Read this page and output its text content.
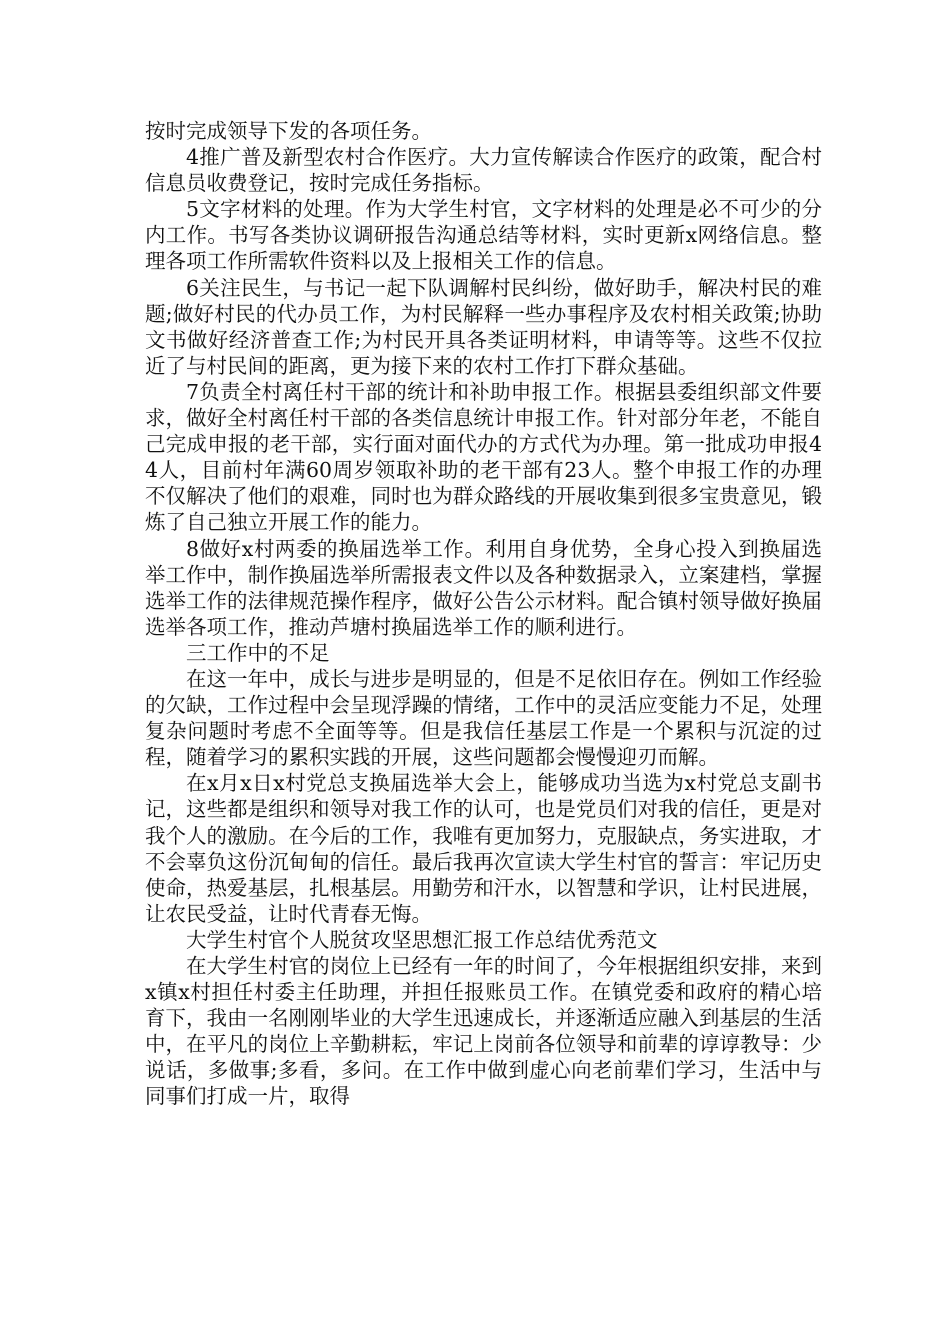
按时完成领导下发的各项任务。

4推广普及新型农村合作医疗。大力宣传解读合作医疗的政策，配合村信息员收费登记，按时完成任务指标。

5文字材料的处理。作为大学生村官，文字材料的处理是必不可少的分内工作。书写各类协议调研报告沟通总结等材料，实时更新x网络信息。整理各项工作所需软件资料以及上报相关工作的信息。

6关注民生，与书记一起下队调解村民纠纷，做好助手，解决村民的难题;做好村民的代办员工作，为村民解释一些办事程序及农村相关政策;协助文书做好经济普查工作;为村民开具各类证明材料，申请等等。这些不仅拉近了与村民间的距离，更为接下来的农村工作打下群众基础。

7负责全村离任村干部的统计和补助申报工作。根据县委组织部文件要求，做好全村离任村干部的各类信息统计申报工作。针对部分年老，不能自己完成申报的老干部，实行面对面代办的方式代为办理。第一批成功申报44人，目前村年满60周岁领取补助的老干部有23人。整个申报工作的办理不仅解决了他们的艰难，同时也为群众路线的开展收集到很多宝贵意见，锻炼了自己独立开展工作的能力。

8做好x村两委的换届选举工作。利用自身优势，全身心投入到换届选举工作中，制作换届选举所需报表文件以及各种数据录入，立案建档，掌握选举工作的法律规范操作程序，做好公告公示材料。配合镇村领导做好换届选举各项工作，推动芦塘村换届选举工作的顺利进行。

三工作中的不足

在这一年中，成长与进步是明显的，但是不足依旧存在。例如工作经验的欠缺，工作过程中会呈现浮躁的情绪，工作中的灵活应变能力不足，处理复杂问题时考虑不全面等等。但是我信任基层工作是一个累积与沉淀的过程，随着学习的累积实践的开展，这些问题都会慢慢迎刃而解。

在x月x日x村党总支换届选举大会上，能够成功当选为x村党总支副书记，这些都是组织和领导对我工作的认可，也是党员们对我的信任，更是对我个人的激励。在今后的工作，我唯有更加努力，克服缺点，务实进取，才不会辜负这份沉甸甸的信任。最后我再次宣读大学生村官的誓言：牢记历史使命，热爱基层，扎根基层。用勤劳和汗水，以智慧和学识，让村民进展，让农民受益，让时代青春无悔。

大学生村官个人脱贫攻坚思想汇报工作总结优秀范文

在大学生村官的岗位上已经有一年的时间了，今年根据组织安排，来到x镇x村担任村委主任助理，并担任报账员工作。在镇党委和政府的精心培育下，我由一名刚刚毕业的大学生迅速成长，并逐渐适应融入到基层的生活中，在平凡的岗位上辛勤耕耘，牢记上岗前各位领导和前辈的谆谆教导：少说话，多做事;多看，多问。在工作中做到虚心向老前辈们学习，生活中与同事们打成一片，取得
